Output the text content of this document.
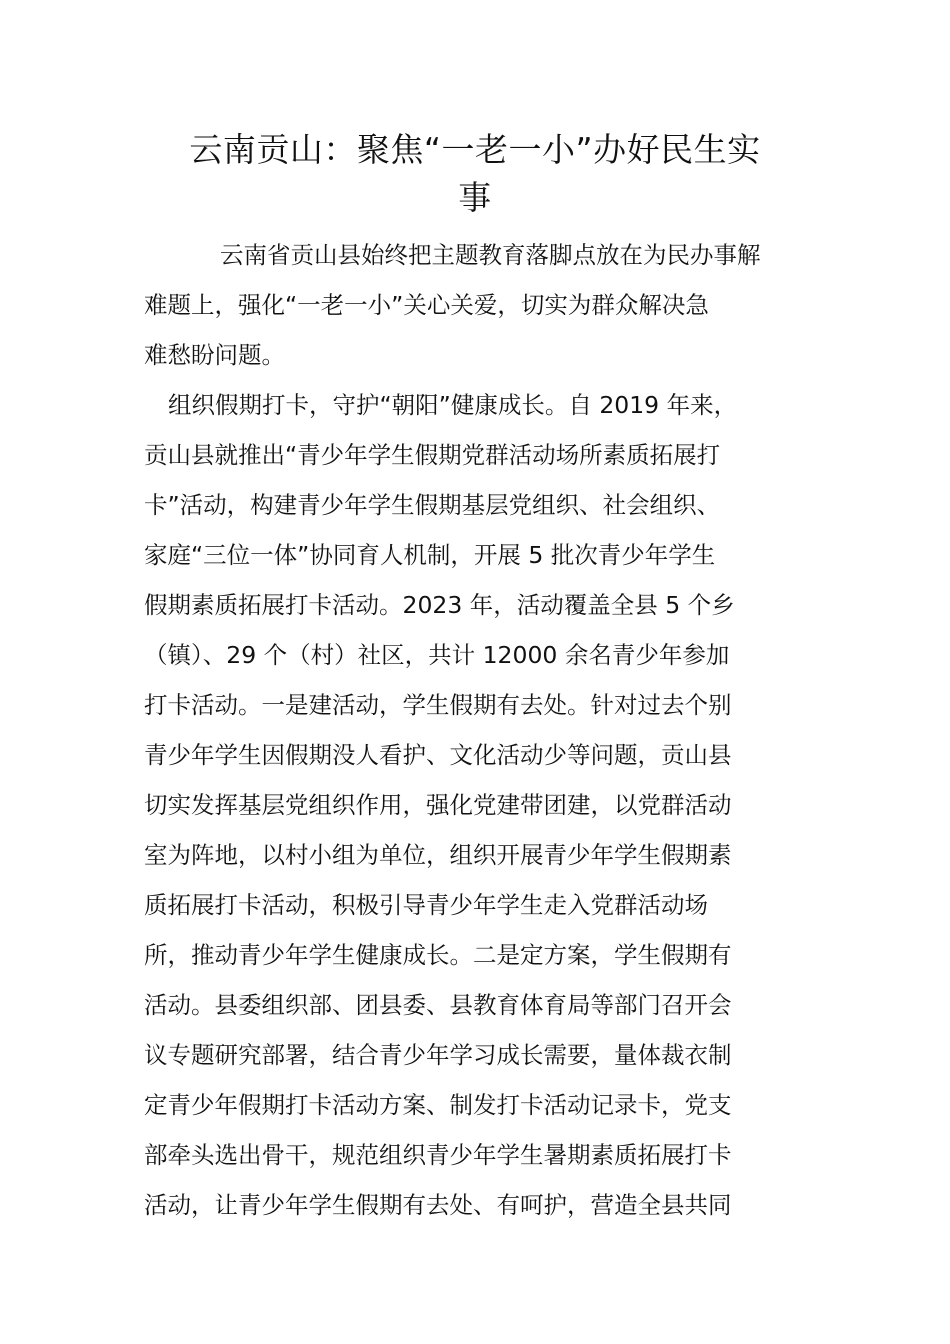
云南贡山：聚焦“一老一小”办好民生实
事

云南省贡山县始终把主题教育落脚点放在为民办事解
难题上，强化“一老一小”关心关爱，切实为群众解决急
难愁盼问题。

组织假期打卡，守护“朝阳”健康成长。自 2019 年来，
贡山县就推出“青少年学生假期党群活动场所素质拓展打
卡”活动，构建青少年学生假期基层党组织、社会组织、
家庭“三位一体”协同育人机制，开展 5 批次青少年学生
假期素质拓展打卡活动。2023 年，活动覆盖全县 5 个乡
（镇）、29 个（村）社区，共计 12000 余名青少年参加
打卡活动。一是建活动，学生假期有去处。针对过去个别
青少年学生因假期没人看护、文化活动少等问题，贡山县
切实发挥基层党组织作用，强化党建带团建，以党群活动
室为阵地，以村小组为单位，组织开展青少年学生假期素
质拓展打卡活动，积极引导青少年学生走入党群活动场
所，推动青少年学生健康成长。二是定方案，学生假期有
活动。县委组织部、团县委、县教育体育局等部门召开会
议专题研究部署，结合青少年学习成长需要，量体裁衣制
定青少年假期打卡活动方案、制发打卡活动记录卡，党支
部牵头选出骨干，规范组织青少年学生暑期素质拓展打卡
活动，让青少年学生假期有去处、有呵护，营造全县共同
